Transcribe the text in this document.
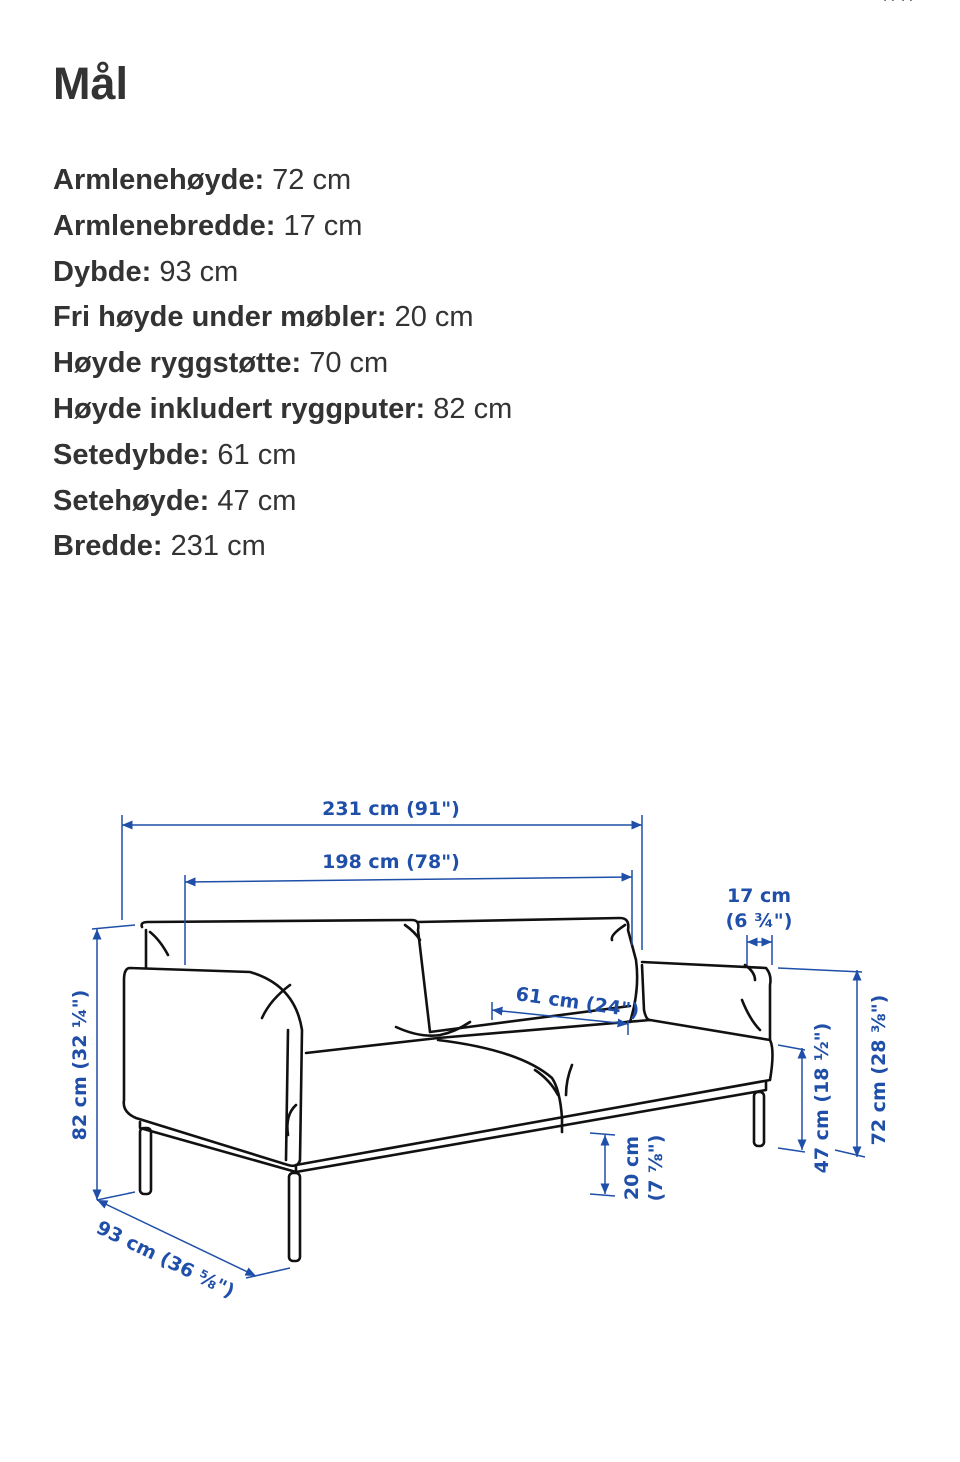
Mål
Armlenehøyde: 72 cm
Armlenebredde: 17 cm
Dybde: 93 cm
Fri høyde under møbler: 20 cm
Høyde ryggstøtte: 70 cm
Høyde inkludert ryggputer: 82 cm
Setedybde: 61 cm
Setehøyde: 47 cm
Bredde: 231 cm
231 cm (91")
198 cm (78")
17 cm
(6 ¾")
61 cm (24")
82 cm (32 ¼")
93 cm (36 ⅝")
20 cm (7 ⅞")	47 cm (18 ½") 72 cm (28 ⅜")
